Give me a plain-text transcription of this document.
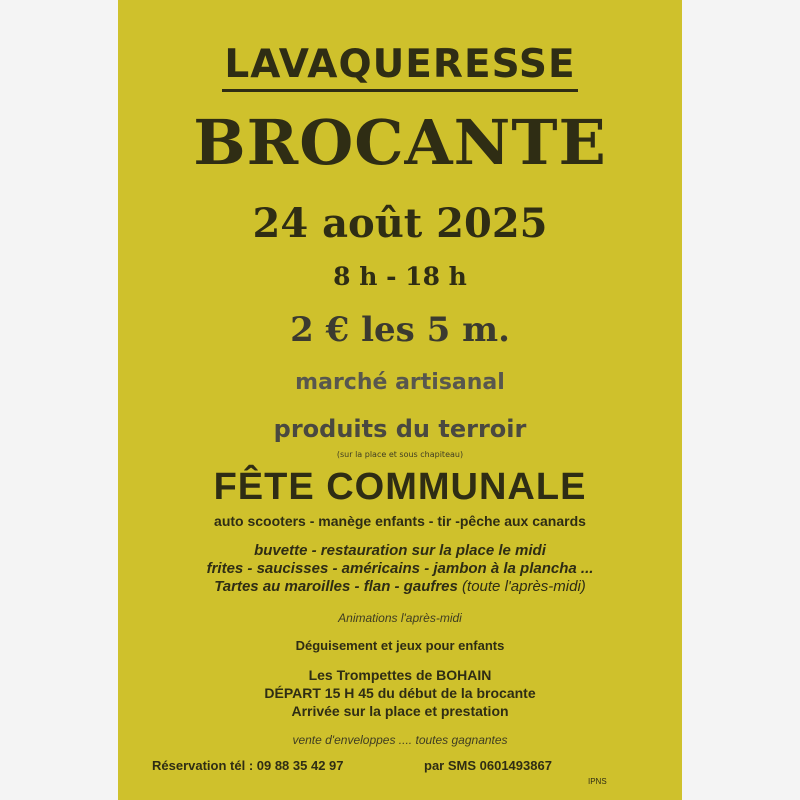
LAVAQUERESSE
BROCANTE
24 août 2025
8 h - 18 h
2 € les 5 m.
marché artisanal
produits du terroir
(sur la place et sous chapiteau)
FÊTE COMMUNALE
auto scooters - manège enfants - tir -pêche aux canards
buvette - restauration sur la place le midi
frites - saucisses - américains - jambon à la plancha ...
Tartes au maroilles - flan - gaufres (toute l'après-midi)
Animations l'après-midi
Déguisement et jeux pour enfants
Les Trompettes de BOHAIN
DÉPART 15 H 45 du début de la brocante
Arrivée sur la place et prestation
vente d'enveloppes .... toutes gagnantes
Réservation tél : 09 88 35 42 97	par SMS 0601493867
IPNS
